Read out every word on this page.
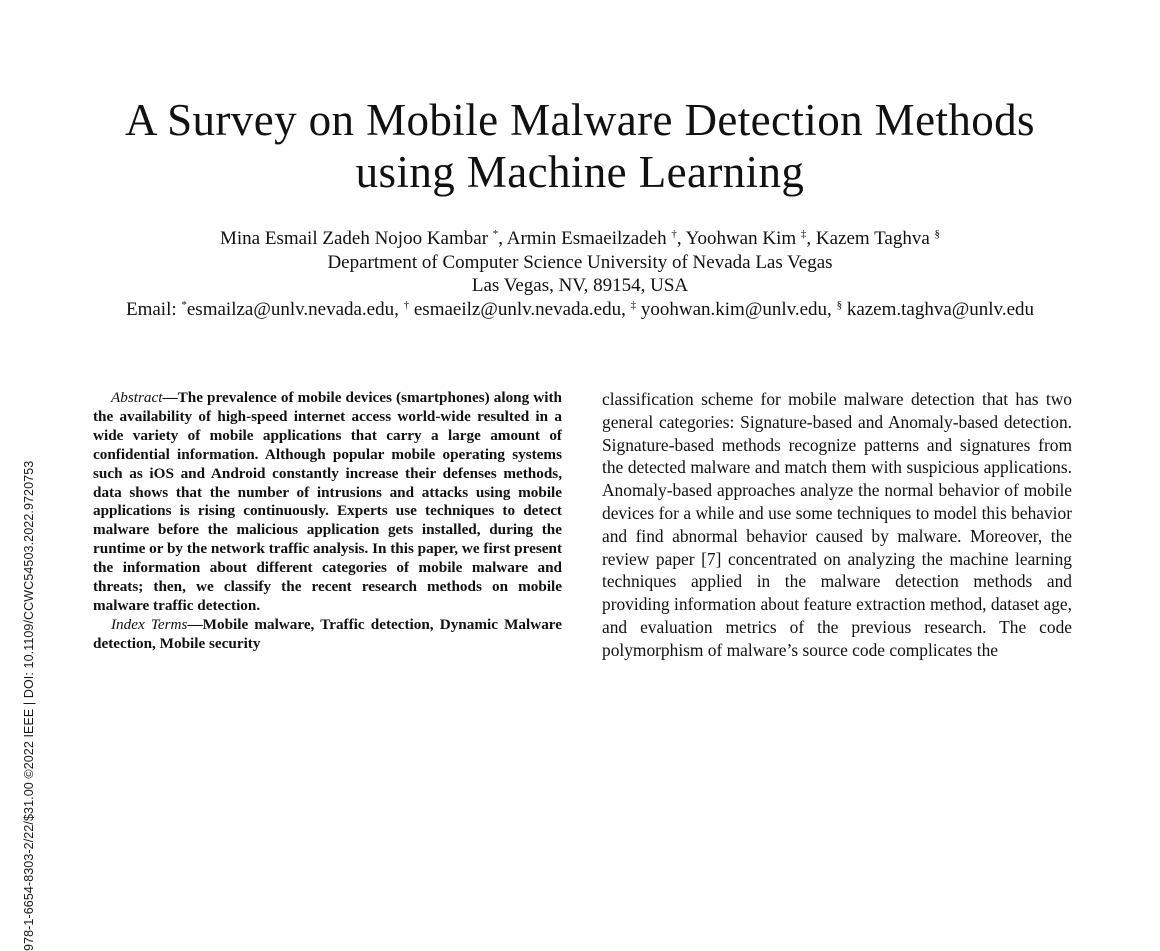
978-1-6654-8303-2/22/$31.00 ©2022 IEEE | DOI: 10.1109/CCWC54503.2022.9720753
A Survey on Mobile Malware Detection Methods
using Machine Learning
Mina Esmail Zadeh Nojoo Kambar *, Armin Esmaeilzadeh †, Yoohwan Kim ‡, Kazem Taghva §
Department of Computer Science University of Nevada Las Vegas
Las Vegas, NV, 89154, USA
Email: *esmailza@unlv.nevada.edu, † esmaeilz@unlv.nevada.edu, ‡ yoohwan.kim@unlv.edu, § kazem.taghva@unlv.edu

Abstract—The prevalence of mobile devices (smartphones) along with the availability of high-speed internet access world-wide resulted in a wide variety of mobile applications that carry a large amount of confidential information. Although popular mobile operating systems such as iOS and Android constantly increase their defenses methods, data shows that the number of intrusions and attacks using mobile applications is rising continuously. Experts use techniques to detect malware before the malicious application gets installed, during the runtime or by the network traffic analysis. In this paper, we first present the information about different categories of mobile malware and threats; then, we classify the recent research methods on mobile malware traffic detection.

Index Terms—Mobile malware, Traffic detection, Dynamic Malware detection, Mobile security

classification scheme for mobile malware detection that has two general categories: Signature-based and Anomaly-based detection. Signature-based methods recognize patterns and signatures from the detected malware and match them with suspicious applications. Anomaly-based approaches analyze the normal behavior of mobile devices for a while and use some techniques to model this behavior and find abnormal behavior caused by malware. Moreover, the review paper [7] concentrated on analyzing the machine learning techniques applied in the malware detection methods and providing information about feature extraction method, dataset age, and evaluation metrics of the previous research. The code polymorphism of malware’s source code complicates the
